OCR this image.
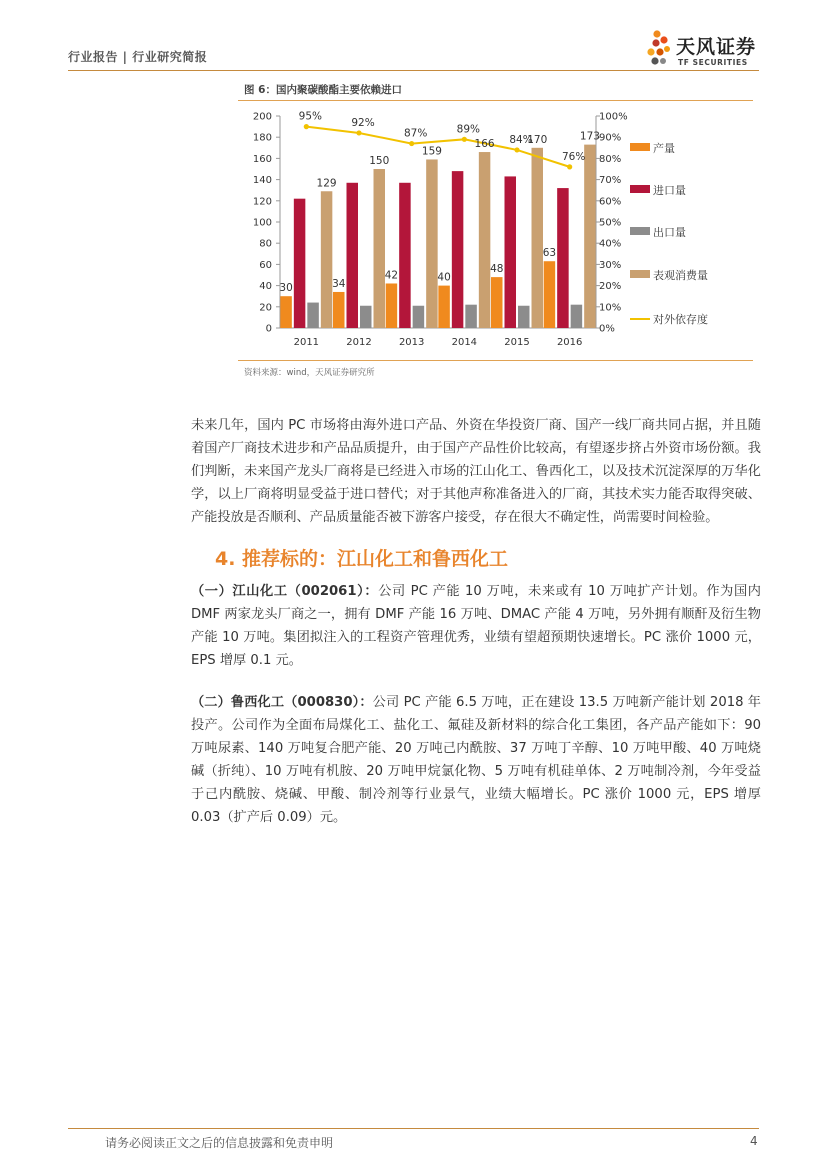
行业报告 | 行业研究简报	天风证券
TF SECURITIES
图 6：国内聚碳酸酯主要依赖进口
0
20
40
60
80
100
120
140
160
180
200
0%
10%
20%
30%
40%
50%
60%
70%
80%
90%
100%
2011
30
129
2012
34
150
2013
42
159
2014
40
166
2015
48
170
2016
63
173
95%
92%
87%	89%
84%
76%
产量
进口量
出口量
表观消费量
对外依存度
资料来源：wind，天风证券研究所
未来几年，国内 PC 市场将由海外进口产品、外资在华投资厂商、国产一线厂商共同占据，并且随着国产厂商技术进步和产品品质提升，由于国产产品性价比较高，有望逐步挤占外资市场份额。我们判断，未来国产龙头厂商将是已经进入市场的江山化工、鲁西化工，以及技术沉淀深厚的万华化学，以上厂商将明显受益于进口替代；对于其他声称准备进入的厂商，其技术实力能否取得突破、产能投放是否顺利、产品质量能否被下游客户接受，存在很大不确定性，尚需要时间检验。
4. 推荐标的：江山化工和鲁西化工
（一）江山化工（002061）：公司 PC 产能 10 万吨，未来或有 10 万吨扩产计划。作为国内 DMF 两家龙头厂商之一，拥有 DMF 产能 16 万吨、DMAC 产能 4 万吨，另外拥有顺酐及衍生物产能 10 万吨。集团拟注入的工程资产管理优秀，业绩有望超预期快速增长。PC 涨价 1000 元，EPS 增厚 0.1 元。
（二）鲁西化工（000830）：公司 PC 产能 6.5 万吨，正在建设 13.5 万吨新产能计划 2018 年投产。公司作为全面布局煤化工、盐化工、氟硅及新材料的综合化工集团，各产品产能如下：90 万吨尿素、140 万吨复合肥产能、20 万吨己内酰胺、37 万吨丁辛醇、10 万吨甲酸、40 万吨烧碱（折纯）、10 万吨有机胺、20 万吨甲烷氯化物、5 万吨有机硅单体、2 万吨制冷剂，今年受益于己内酰胺、烧碱、甲酸、制冷剂等行业景气，业绩大幅增长。PC 涨价 1000 元，EPS 增厚 0.03（扩产后 0.09）元。
请务必阅读正文之后的信息披露和免责申明	4
